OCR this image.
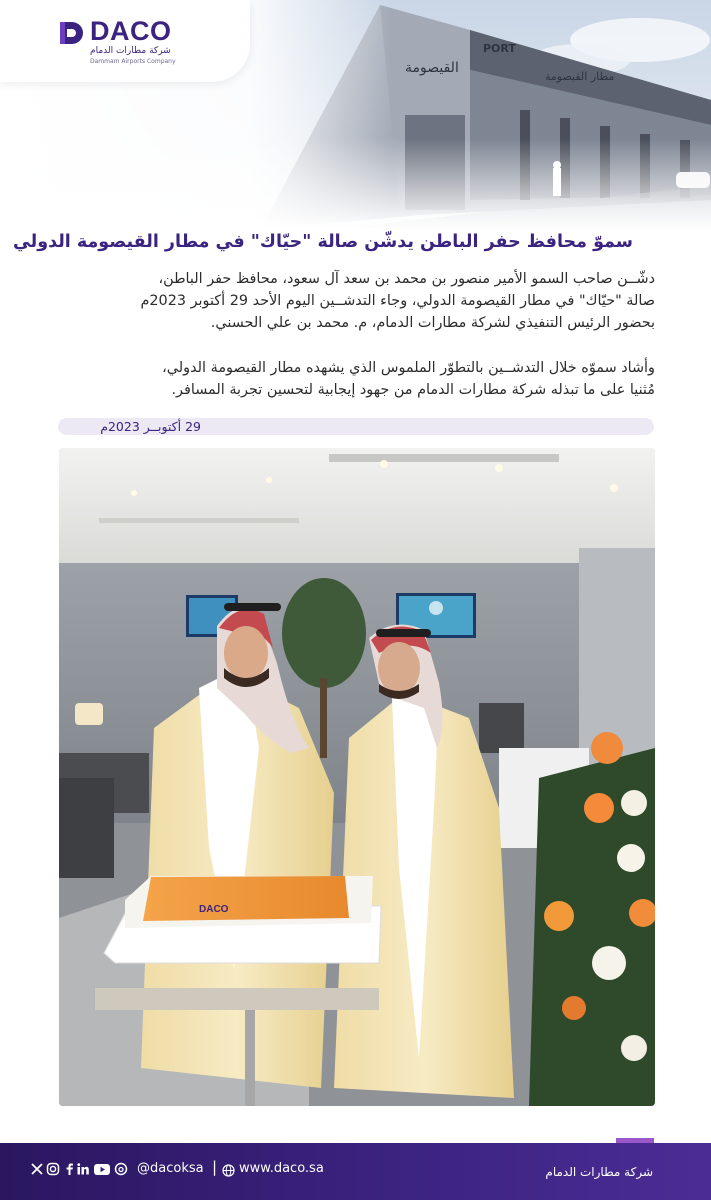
DACO
شركة مطارات الدمام
Dammam Airports Company
سموّ محافظ حفر الباطن يدشّن صالة "حيّاك" في مطار القيصومة الدولي
دشّــن صاحب السمو الأمير منصور بن محمد بن سعد آل سعود، محافظ حفر الباطن،
صالة "حيّاك" في مطار القيصومة الدولي، وجاء التدشــين اليوم الأحد 29 أكتوبر 2023م
بحضور الرئيس التنفيذي لشركة مطارات الدمام، م. محمد بن علي الحسني.
وأشاد سموّه خلال التدشــين بالتطوّر الملموس الذي يشهده مطار القيصومة الدولي،
مُثنيا على ما تبذله شركة مطارات الدمام من جهود إيجابية لتحسين تجربة المسافر.
29 أكتوبــر 2023م
DACO
شركة مطارات الدمام
@dacoksa | www.daco.sa
